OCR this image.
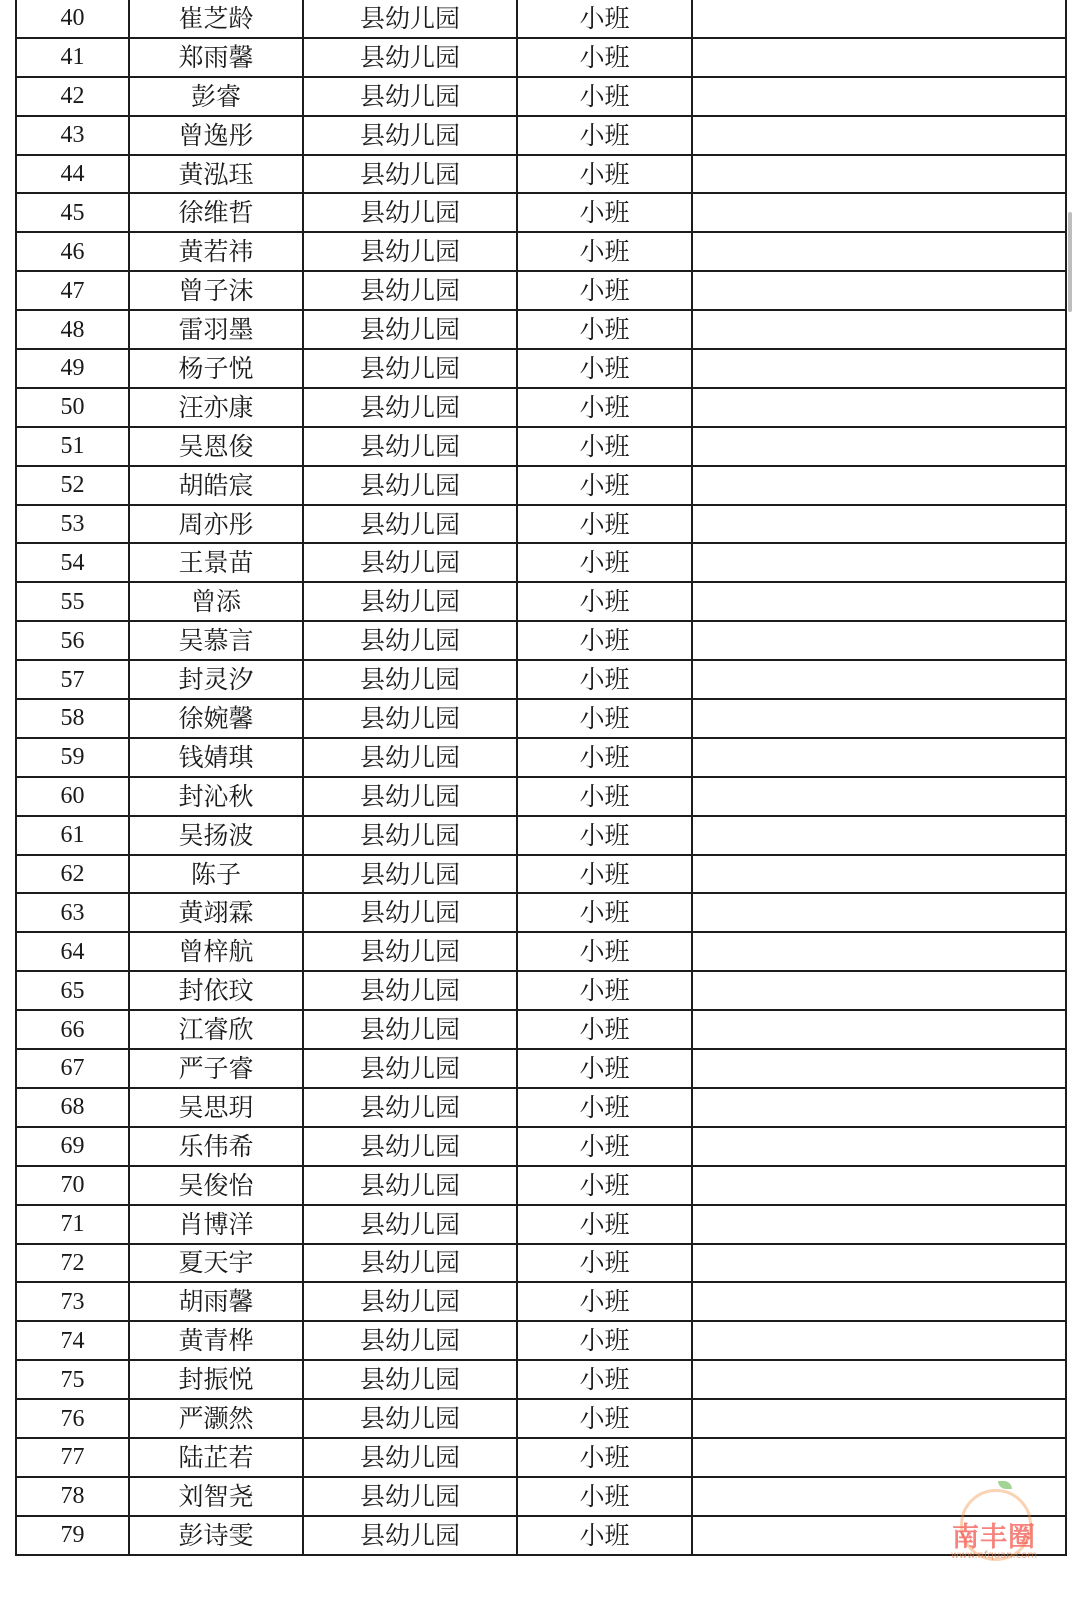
40	崔芝龄	县幼儿园	小班	
41	郑雨馨	县幼儿园	小班	
42	彭睿	县幼儿园	小班	
43	曾逸彤	县幼儿园	小班	
44	黄泓珏	县幼儿园	小班	
45	徐维哲	县幼儿园	小班	
46	黄若祎	县幼儿园	小班	
47	曾子沫	县幼儿园	小班	
48	雷羽墨	县幼儿园	小班	
49	杨子悦	县幼儿园	小班	
50	汪亦康	县幼儿园	小班	
51	吴恩俊	县幼儿园	小班	
52	胡皓宸	县幼儿园	小班	
53	周亦彤	县幼儿园	小班	
54	王景苗	县幼儿园	小班	
55	曾添	县幼儿园	小班	
56	吴慕言	县幼儿园	小班	
57	封灵汐	县幼儿园	小班	
58	徐婉馨	县幼儿园	小班	
59	钱婧琪	县幼儿园	小班	
60	封沁秋	县幼儿园	小班	
61	吴扬波	县幼儿园	小班	
62	陈子	县幼儿园	小班	
63	黄翊霖	县幼儿园	小班	
64	曾梓航	县幼儿园	小班	
65	封依玟	县幼儿园	小班	
66	江睿欣	县幼儿园	小班	
67	严子睿	县幼儿园	小班	
68	吴思玥	县幼儿园	小班	
69	乐伟希	县幼儿园	小班	
70	吴俊怡	县幼儿园	小班	
71	肖博洋	县幼儿园	小班	
72	夏天宇	县幼儿园	小班	
73	胡雨馨	县幼儿园	小班	
74	黄青桦	县幼儿园	小班	
75	封振悦	县幼儿园	小班	
76	严灏然	县幼儿园	小班	
77	陆芷若	县幼儿园	小班	
78	刘智尧	县幼儿园	小班	
79	彭诗雯	县幼儿园	小班		南丰圈
www.nfquan.com
